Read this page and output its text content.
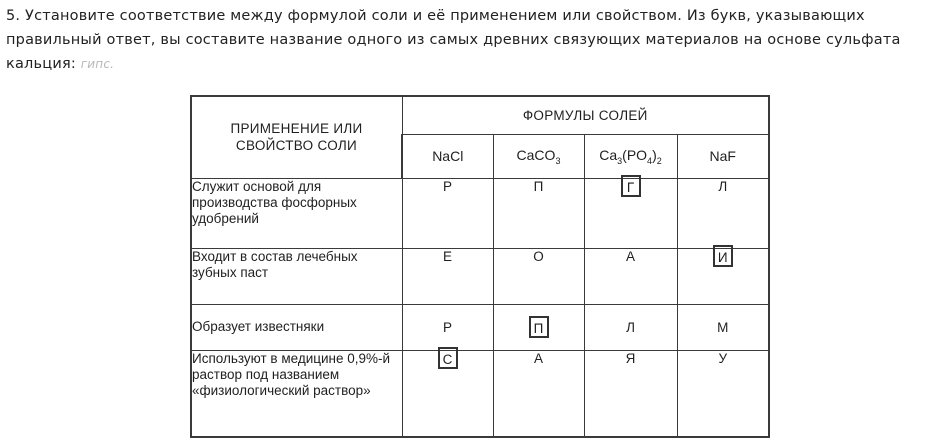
5. Установите соответствие между формулой соли и её применением или свойством. Из букв, указывающих правильный ответ, вы составите название одного из самых древних связующих материалов на основе сульфата кальция: гипс.
ПРИМЕНЕНИЕ ИЛИ СВОЙСТВО СОЛИ	ФОРМУЛЫ СОЛЕЙ			
	NaCl	CaCO$_3$	$Ca_3(PO_4)_2$	NaF
Служит основой для производства фосфорных удобрений	Р	П	Г	Л
Входит в состав лечебных зубных паст	Е	О	А	И
Образует известняки	Р	П	Л	М
Используют в медицине 0,9%-й раствор под названием «физиологический раствор»	С	А	Я	У
